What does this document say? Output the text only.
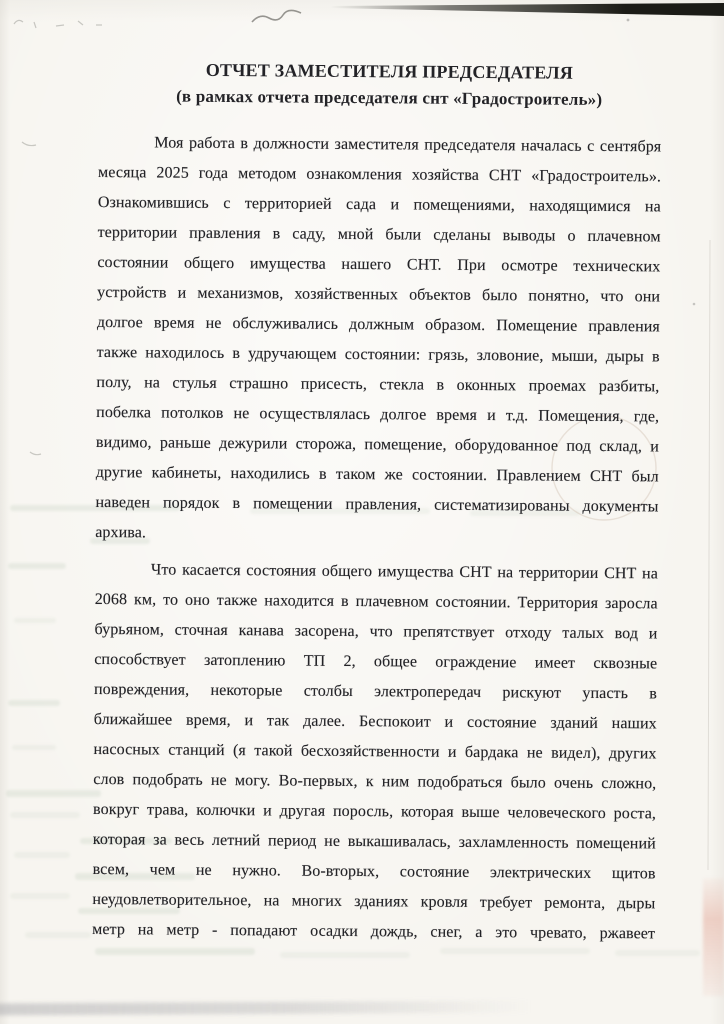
ОТЧЕТ ЗАМЕСТИТЕЛЯ ПРЕДСЕДАТЕЛЯ
(в рамках отчета председателя снт «Градостроитель»)
Моя работа в должности заместителя председателя началась с сентября
месяца 2025 года методом ознакомления хозяйства СНТ «Градостроитель».
Ознакомившись с территорией сада и помещениями, находящимися на
территории правления в саду, мной были сделаны выводы о плачевном
состоянии общего имущества нашего СНТ. При осмотре технических
устройств и механизмов, хозяйственных объектов было понятно, что они
долгое время не обслуживались должным образом. Помещение правления
также находилось в удручающем состоянии: грязь, зловоние, мыши, дыры в
полу, на стулья страшно присесть, стекла в оконных проемах разбиты,
побелка потолков не осуществлялась долгое время и т.д. Помещения, где,
видимо, раньше дежурили сторожа, помещение, оборудованное под склад, и
другие кабинеты, находились в таком же состоянии. Правлением СНТ был
наведен порядок в помещении правления, систематизированы документы
архива.
Что касается состояния общего имущества СНТ на территории СНТ на
2068 км, то оно также находится в плачевном состоянии. Территория заросла
бурьяном, сточная канава засорена, что препятствует отходу талых вод и
способствует затоплению ТП 2, общее ограждение имеет сквозные
повреждения, некоторые столбы электропередач рискуют упасть в
ближайшее время, и так далее. Беспокоит и состояние зданий наших
насосных станций (я такой бесхозяйственности и бардака не видел), других
слов подобрать не могу. Во-первых, к ним подобраться было очень сложно,
вокруг трава, колючки и другая поросль, которая выше человеческого роста,
которая за весь летний период не выкашивалась, захламленность помещений
всем, чем не нужно. Во-вторых, состояние электрических щитов
неудовлетворительное, на многих зданиях кровля требует ремонта, дыры
метр на метр - попадают осадки дождь, снег, а это чревато, ржавеет
